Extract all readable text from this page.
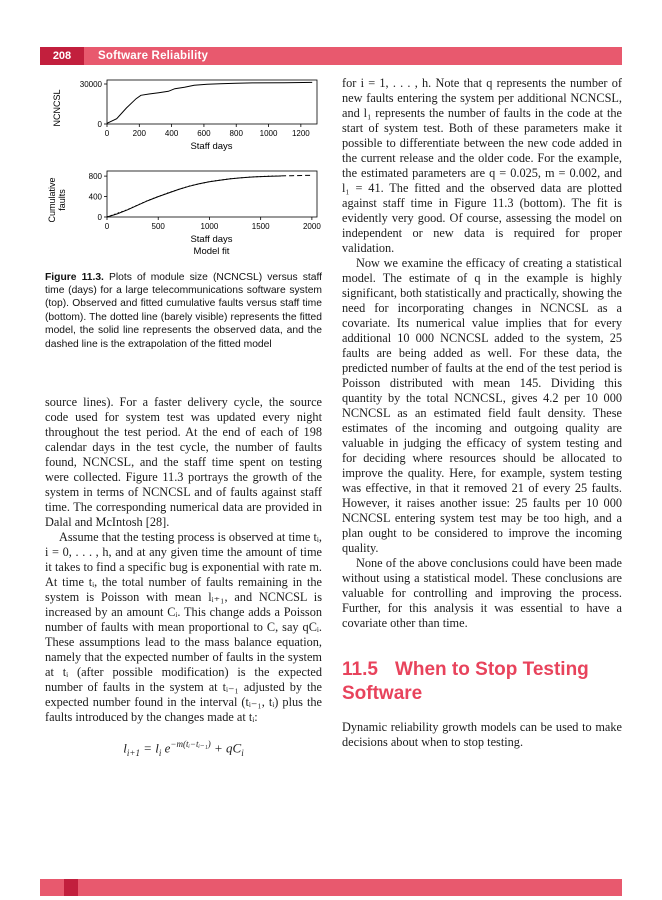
208	Software Reliability
NCNCSL
0	200 400 600 800 1000 1200
0
30000
Staff days
Cumulative faults
0	500	1000	1500	2000
0
400
800
Staff days
Model fit
Figure 11.3. Plots of module size (NCNCSL) versus staff time (days) for a large telecommunications software system (top). Observed and fitted cumulative faults versus staff time (bottom). The dotted line (barely visible) represents the fitted model, the solid line represents the observed data, and the dashed line is the extrapolation of the fitted model

source lines). For a faster delivery cycle, the source code used for system test was updated every night throughout the test period. At the end of each of 198 calendar days in the test cycle, the number of faults found, NCNCSL, and the staff time spent on testing were collected. Figure 11.3 portrays the growth of the system in terms of NCNCSL and of faults against staff time. The corresponding numerical data are provided in Dalal and McIntosh [28].

Assume that the testing process is observed at time tᵢ, i = 0, . . . , h, and at any given time the amount of time it takes to find a specific bug is exponential with rate m. At time tᵢ, the total number of faults remaining in the system is Poisson with mean lᵢ₊₁, and NCNCSL is increased by an amount Cᵢ. This change adds a Poisson number of faults with mean proportional to C, say qCᵢ. These assumptions lead to the mass balance equation, namely that the expected number of faults in the system at tᵢ (after possible modification) is the expected number of faults in the system at tᵢ₋₁ adjusted by the expected number found in the interval (tᵢ₋₁, tᵢ) plus the faults introduced by the changes made at tᵢ:

$l_{i+1} = l_i$ $e^{-m(tᵢ-tᵢ_{-1})} + qC_i$

for i = 1, . . . , h. Note that q represents the number of new faults entering the system per additional NCNCSL, and l₁ represents the number of faults in the code at the start of system test. Both of these parameters make it possible to differentiate between the new code added in the current release and the older code. For the example, the estimated parameters are q = 0.025, m = 0.002, and l₁ = 41. The fitted and the observed data are plotted against staff time in Figure 11.3 (bottom). The fit is evidently very good. Of course, assessing the model on independent or new data is required for proper validation.

Now we examine the efficacy of creating a statistical model. The estimate of q in the example is highly significant, both statistically and practically, showing the need for incorporating changes in NCNCSL as a covariate. Its numerical value implies that for every additional 10 000 NCNCSL added to the system, 25 faults are being added as well. For these data, the predicted number of faults at the end of the test period is Poisson distributed with mean 145. Dividing this quantity by the total NCNCSL, gives 4.2 per 10 000 NCNCSL as an estimated field fault density. These estimates of the incoming and outgoing quality are valuable in judging the efficacy of system testing and for deciding where resources should be allocated to improve the quality. Here, for example, system testing was effective, in that it removed 21 of every 25 faults. However, it raises another issue: 25 faults per 10 000 NCNCSL entering system test may be too high, and a plan ought to be considered to improve the incoming quality.

None of the above conclusions could have been made without using a statistical model. These conclusions are valuable for controlling and improving the process. Further, for this analysis it was essential to have a covariate other than time.

11.5 When to Stop Testing Software

Dynamic reliability growth models can be used to make decisions about when to stop testing.
